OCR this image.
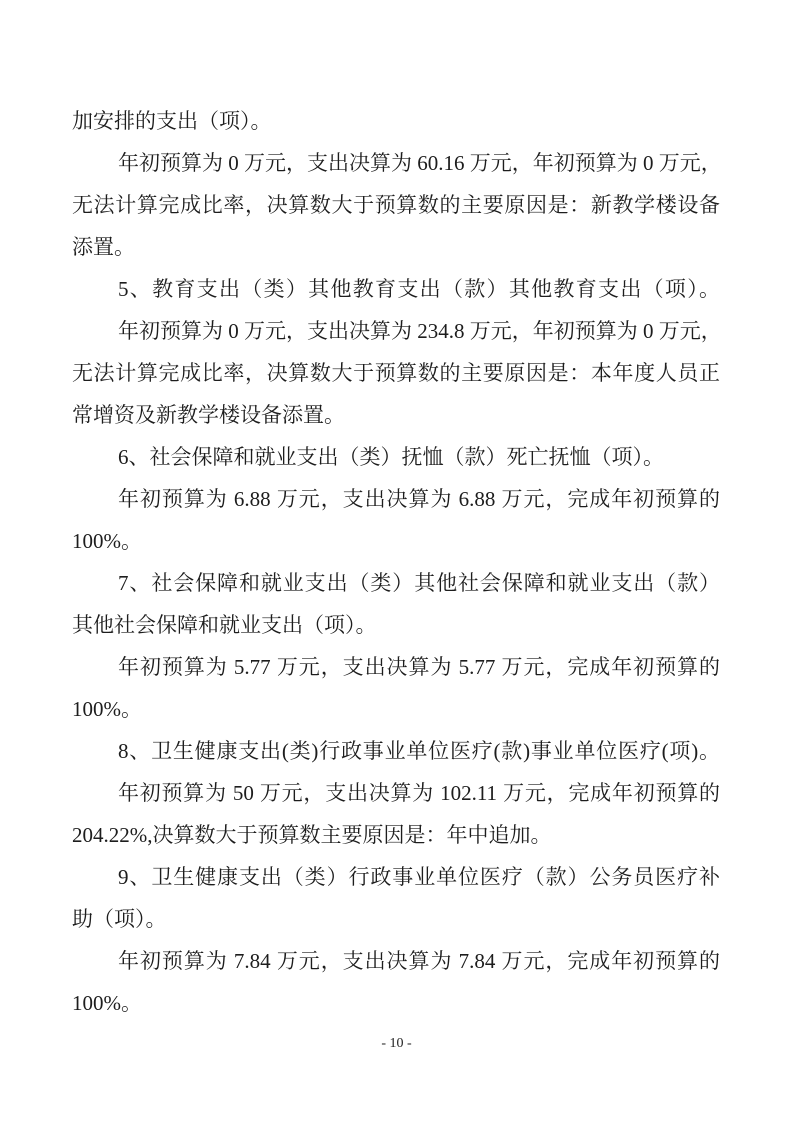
加安排的支出（项）。
年初预算为 0 万元，支出决算为 60.16 万元，年初预算为 0 万元，
无法计算完成比率，决算数大于预算数的主要原因是：新教学楼设备
添置。
5、教育支出（类）其他教育支出（款）其他教育支出（项）。
年初预算为 0 万元，支出决算为 234.8 万元，年初预算为 0 万元，
无法计算完成比率，决算数大于预算数的主要原因是：本年度人员正
常增资及新教学楼设备添置。
6、社会保障和就业支出（类）抚恤（款）死亡抚恤（项）。
年初预算为 6.88 万元，支出决算为 6.88 万元，完成年初预算的
100%。
7、社会保障和就业支出（类）其他社会保障和就业支出（款）
其他社会保障和就业支出（项）。
年初预算为 5.77 万元，支出决算为 5.77 万元，完成年初预算的
100%。
8、卫生健康支出(类)行政事业单位医疗(款)事业单位医疗(项)。
年初预算为 50 万元，支出决算为 102.11 万元，完成年初预算的
204.22%,决算数大于预算数主要原因是：年中追加。
9、卫生健康支出（类）行政事业单位医疗（款）公务员医疗补
助（项）。
年初预算为 7.84 万元，支出决算为 7.84 万元，完成年初预算的
100%。
- 10 -
